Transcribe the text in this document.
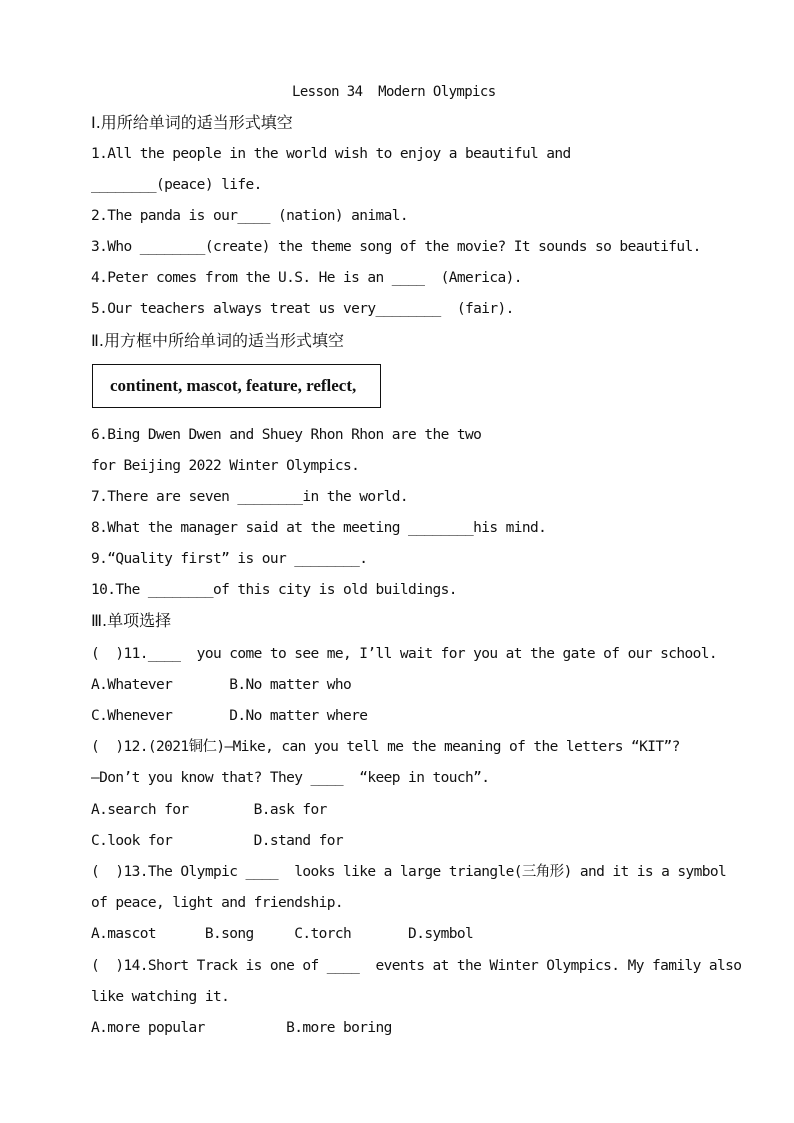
Lesson 34  Modern Olympics
Ⅰ.用所给单词的适当形式填空
1.All the people in the world wish to enjoy a beautiful and
________(peace) life.
2.The panda is our____ (nation) animal.
3.Who ________(create) the theme song of the movie? It sounds so beautiful.
4.Peter comes from the U.S. He is an ____  (America).
5.Our teachers always treat us very________  (fair).
Ⅱ.用方框中所给单词的适当形式填空
continent, mascot, feature, reflect,
6.Bing Dwen Dwen and Shuey Rhon Rhon are the two
for Beijing 2022 Winter Olympics.
7.There are seven ________in the world.
8.What the manager said at the meeting ________his mind.
9.“Quality first” is our ________.
10.The ________of this city is old buildings.
Ⅲ.单项选择
(  )11.____  you come to see me, I’ll wait for you at the gate of our school.
A.Whatever       B.No matter who
C.Whenever       D.No matter where
(  )12.(2021铜仁)—Mike, can you tell me the meaning of the letters “KIT”?
—Don’t you know that? They ____  “keep in touch”.
A.search for        B.ask for
C.look for          D.stand for
(  )13.The Olympic ____  looks like a large triangle(三角形) and it is a symbol
of peace, light and friendship.
A.mascot      B.song     C.torch       D.symbol
(  )14.Short Track is one of ____  events at the Winter Olympics. My family also
like watching it.
A.more popular          B.more boring
